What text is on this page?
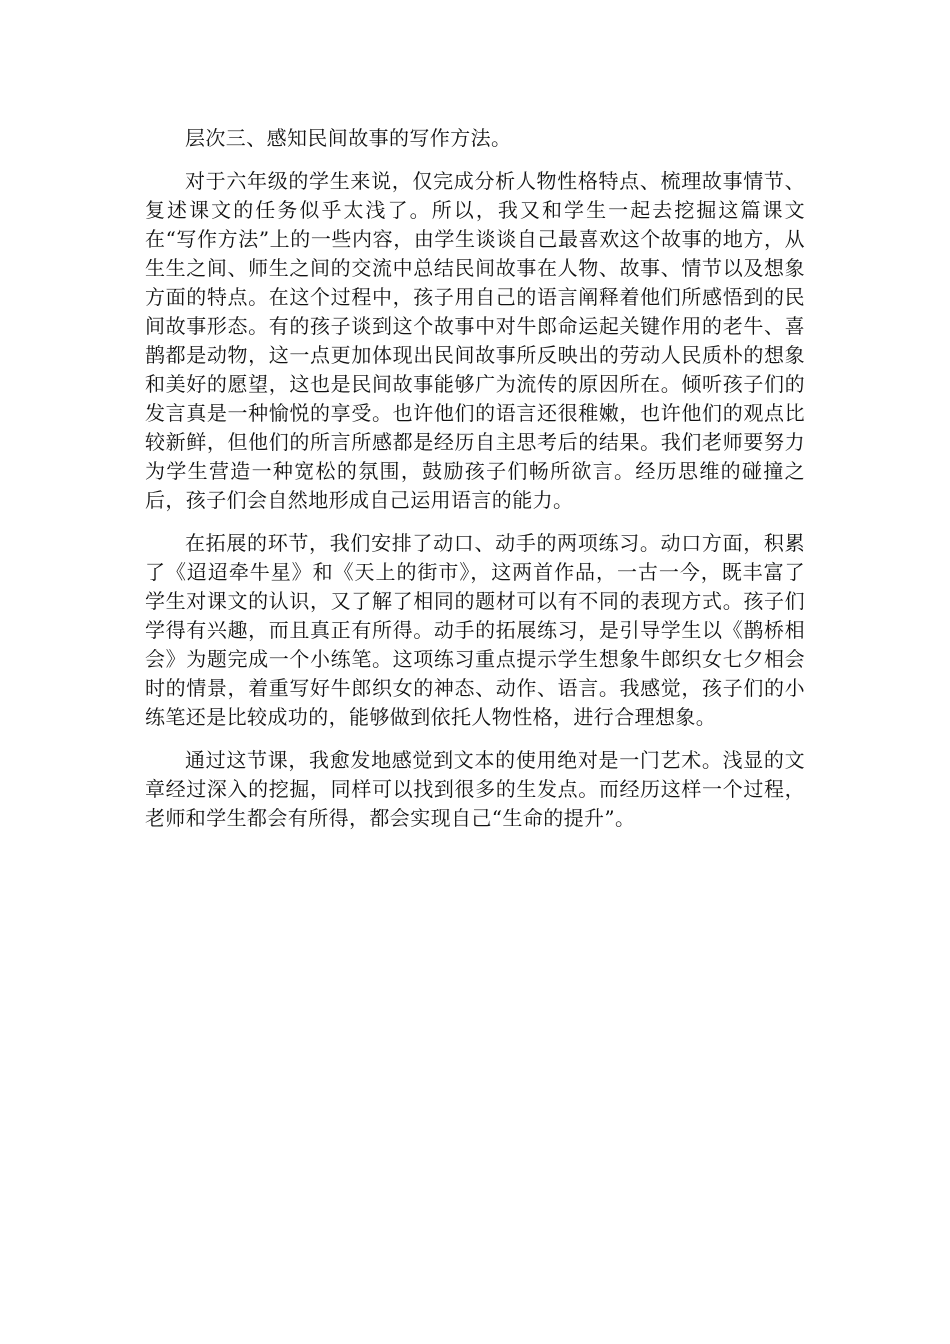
层次三、感知民间故事的写作方法。

对于六年级的学生来说，仅完成分析人物性格特点、梳理故事情节、复述课文的任务似乎太浅了。所以，我又和学生一起去挖掘这篇课文在“写作方法”上的一些内容，由学生谈谈自己最喜欢这个故事的地方，从生生之间、师生之间的交流中总结民间故事在人物、故事、情节以及想象方面的特点。在这个过程中，孩子用自己的语言阐释着他们所感悟到的民间故事形态。有的孩子谈到这个故事中对牛郎命运起关键作用的老牛、喜鹊都是动物，这一点更加体现出民间故事所反映出的劳动人民质朴的想象和美好的愿望，这也是民间故事能够广为流传的原因所在。倾听孩子们的发言真是一种愉悦的享受。也许他们的语言还很稚嫩，也许他们的观点比较新鲜，但他们的所言所感都是经历自主思考后的结果。我们老师要努力为学生营造一种宽松的氛围，鼓励孩子们畅所欲言。经历思维的碰撞之后，孩子们会自然地形成自己运用语言的能力。

在拓展的环节，我们安排了动口、动手的两项练习。动口方面，积累了《迢迢牵牛星》和《天上的街市》，这两首作品，一古一今，既丰富了学生对课文的认识，又了解了相同的题材可以有不同的表现方式。孩子们学得有兴趣，而且真正有所得。动手的拓展练习，是引导学生以《鹊桥相会》为题完成一个小练笔。这项练习重点提示学生想象牛郎织女七夕相会时的情景，着重写好牛郎织女的神态、动作、语言。我感觉，孩子们的小练笔还是比较成功的，能够做到依托人物性格，进行合理想象。

通过这节课，我愈发地感觉到文本的使用绝对是一门艺术。浅显的文章经过深入的挖掘，同样可以找到很多的生发点。而经历这样一个过程，老师和学生都会有所得，都会实现自己“生命的提升”。
